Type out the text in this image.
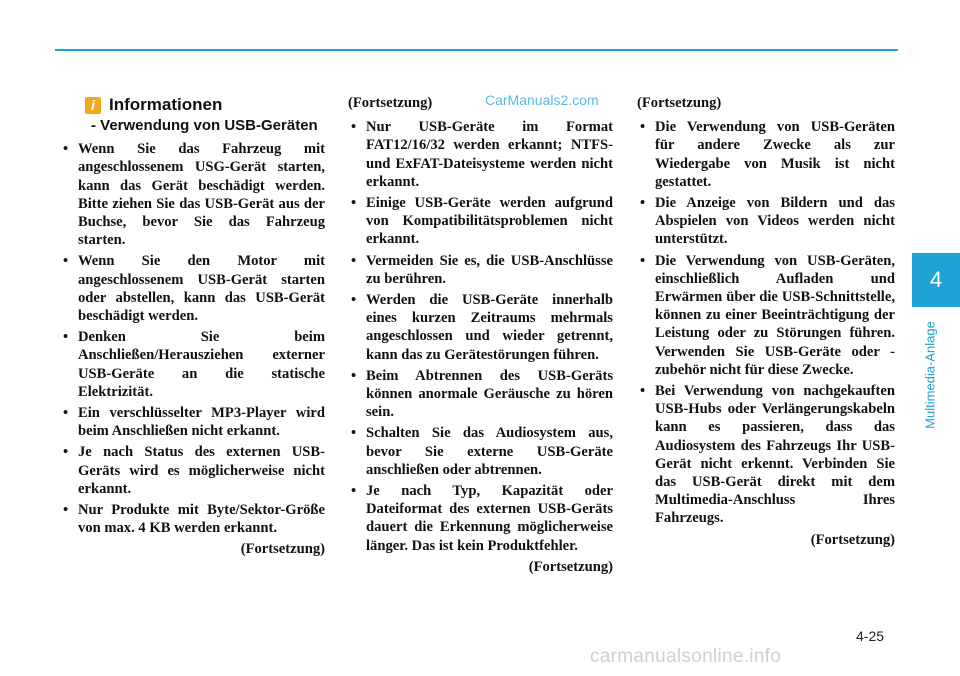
CarManuals2.com
i Informationen
- Verwendung von USB-Geräten
• Wenn Sie das Fahrzeug mit angeschlossenem USG-Gerät starten, kann das Gerät beschädigt werden. Bitte ziehen Sie das USB-Gerät aus der Buchse, bevor Sie das Fahrzeug starten.
• Wenn Sie den Motor mit angeschlossenem USB-Gerät starten oder abstellen, kann das USB-Gerät beschädigt werden.
• Denken Sie beim Anschließen/Herausziehen externer USB-Geräte an die statische Elektrizität.
• Ein verschlüsselter MP3-Player wird beim Anschließen nicht erkannt.
• Je nach Status des externen USB-Geräts wird es möglicherweise nicht erkannt.
• Nur Produkte mit Byte/Sektor-Größe von max. 4 KB werden erkannt.
(Fortsetzung)
(Fortsetzung)
• Nur USB-Geräte im Format FAT12/16/32 werden erkannt; NTFS- und ExFAT-Dateisysteme werden nicht erkannt.
• Einige USB-Geräte werden aufgrund von Kompatibilitätsproblemen nicht erkannt.
• Vermeiden Sie es, die USB-Anschlüsse zu berühren.
• Werden die USB-Geräte innerhalb eines kurzen Zeitraums mehrmals angeschlossen und wieder getrennt, kann das zu Gerätestörungen führen.
• Beim Abtrennen des USB-Geräts können anormale Geräusche zu hören sein.
• Schalten Sie das Audiosystem aus, bevor Sie externe USB-Geräte anschließen oder abtrennen.
• Je nach Typ, Kapazität oder Dateiformat des externen USB-Geräts dauert die Erkennung möglicherweise länger. Das ist kein Produktfehler.
(Fortsetzung)
(Fortsetzung)
• Die Verwendung von USB-Geräten für andere Zwecke als zur Wiedergabe von Musik ist nicht gestattet.
• Die Anzeige von Bildern und das Abspielen von Videos werden nicht unterstützt.
• Die Verwendung von USB-Geräten, einschließlich Aufladen und Erwärmen über die USB-Schnittstelle, können zu einer Beeinträchtigung der Leistung oder zu Störungen führen. Verwenden Sie USB-Geräte oder -zubehör nicht für diese Zwecke.
• Bei Verwendung von nachgekauften USB-Hubs oder Verlängerungskabeln kann es passieren, dass das Audiosystem des Fahrzeugs Ihr USB-Gerät nicht erkennt. Verbinden Sie das USB-Gerät direkt mit dem Multimedia-Anschluss Ihres Fahrzeugs.
(Fortsetzung)
4
Multimedia-Anlage
4-25
carmanualsonline.info
